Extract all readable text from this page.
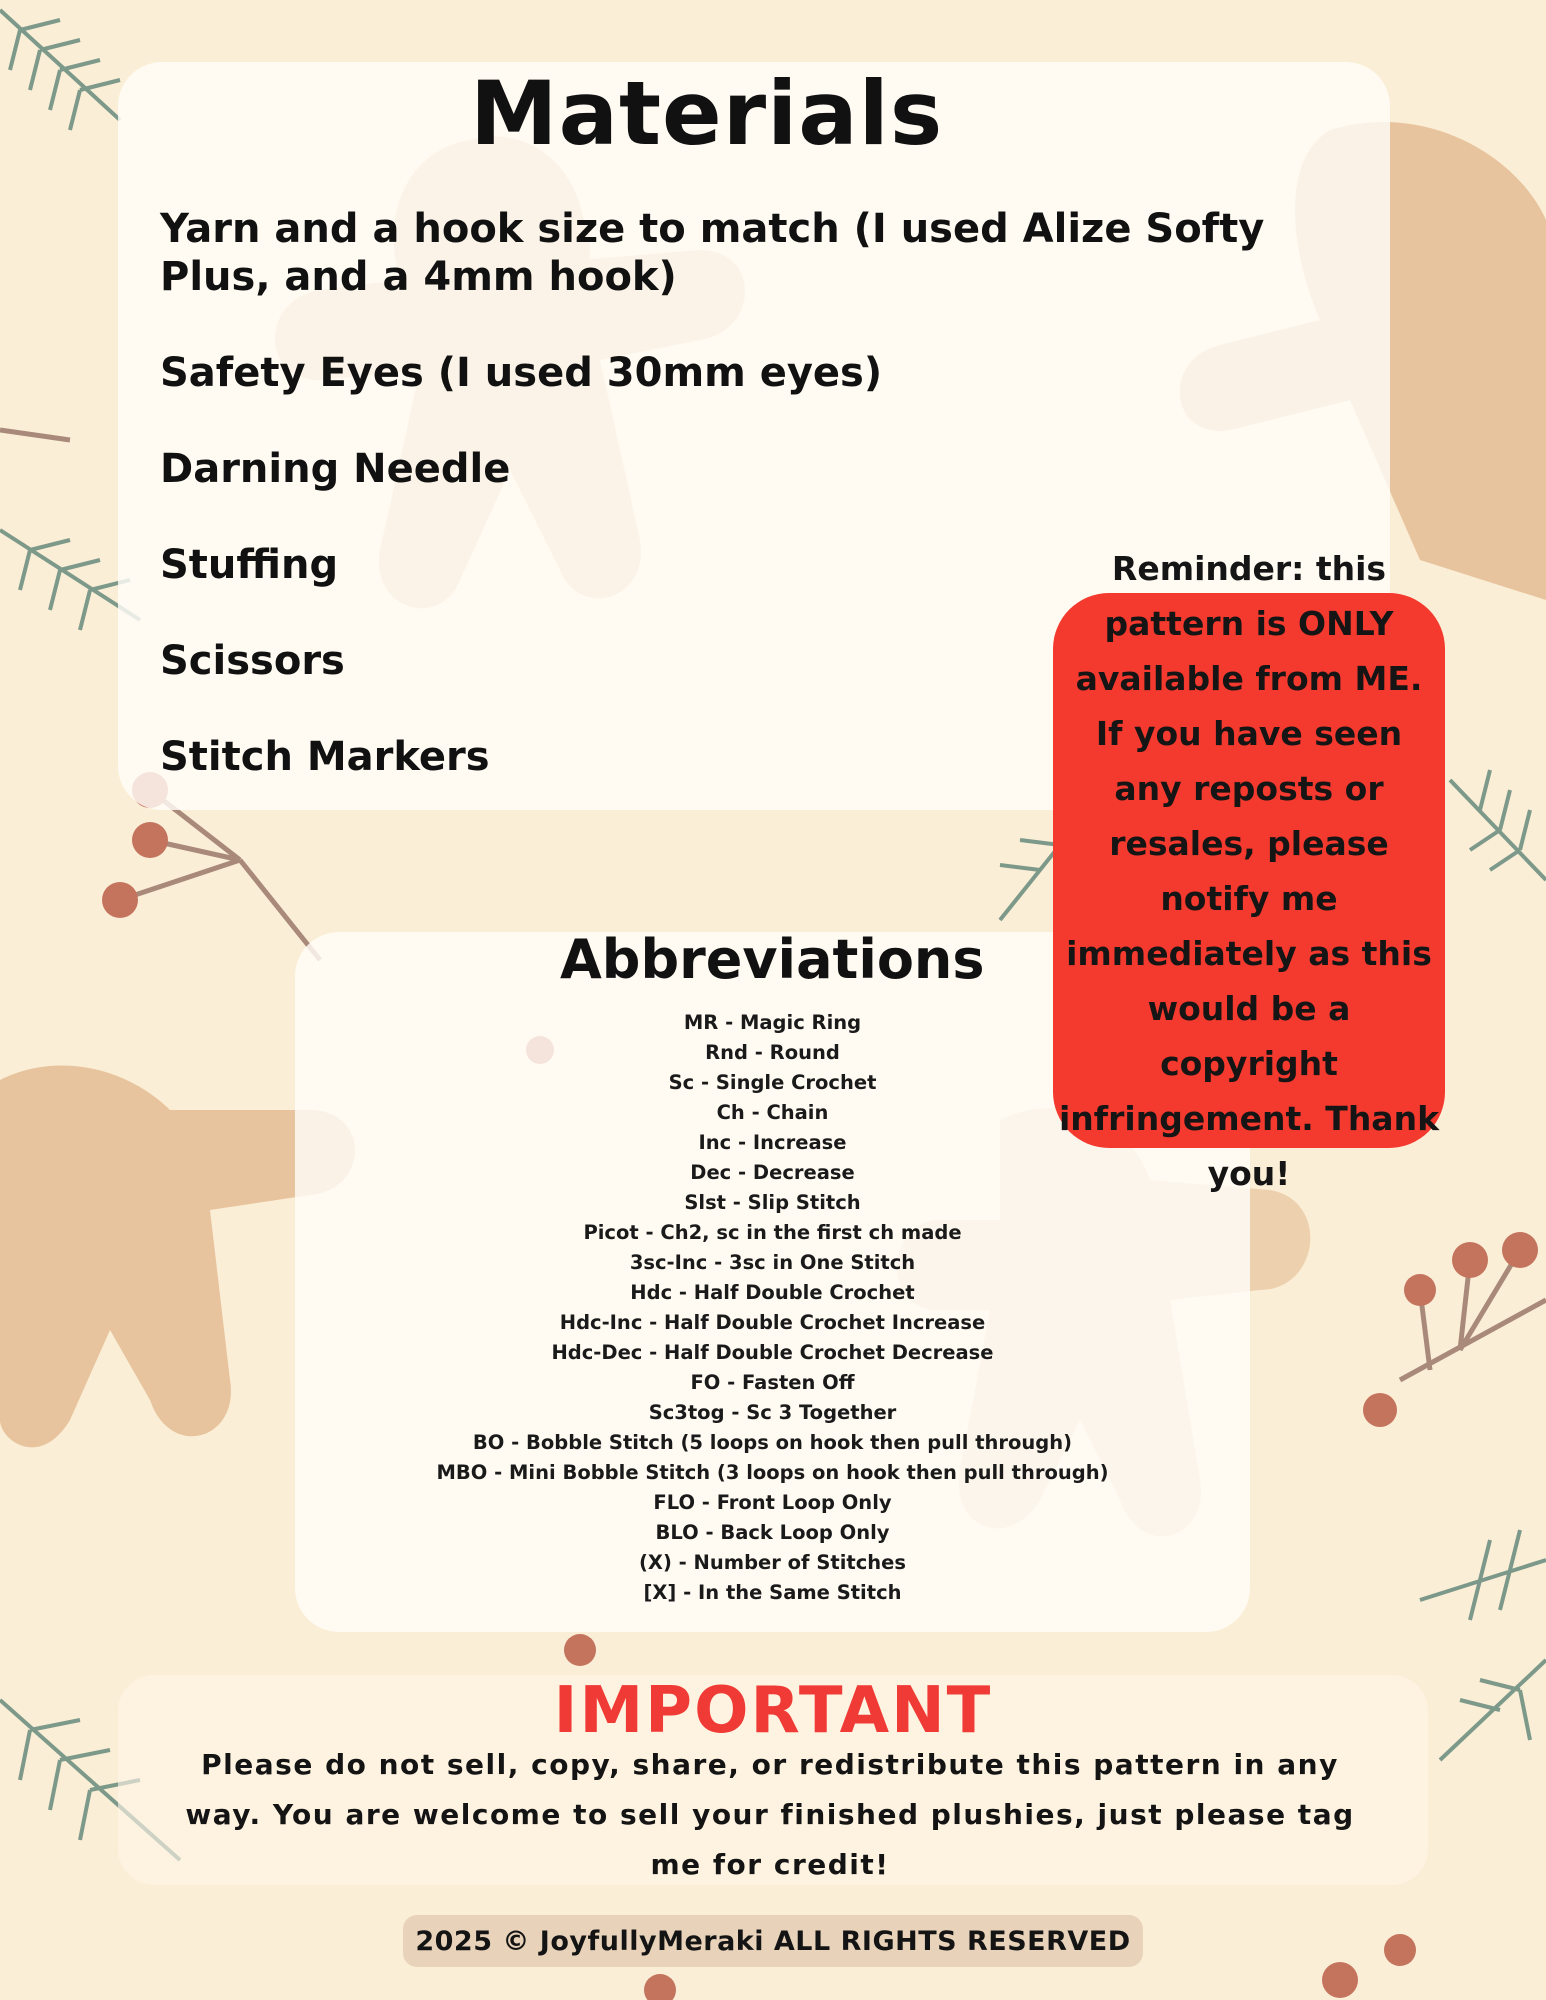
Materials
Yarn and a hook size to match (I used Alize Softy Plus, and a 4mm hook)
Safety Eyes (I used 30mm eyes)
Darning Needle
Stuffing
Scissors
Stitch Markers
Abbreviations
MR - Magic Ring
Rnd - Round
Sc - Single Crochet
Ch - Chain
Inc - Increase
Dec - Decrease
Slst - Slip Stitch
Picot - Ch2, sc in the first ch made
3sc-Inc - 3sc in One Stitch
Hdc - Half Double Crochet
Hdc-Inc - Half Double Crochet Increase
Hdc-Dec - Half Double Crochet Decrease
FO - Fasten Off
Sc3tog - Sc 3 Together
BO - Bobble Stitch (5 loops on hook then pull through)
MBO - Mini Bobble Stitch (3 loops on hook then pull through)
FLO - Front Loop Only
BLO - Back Loop Only
(X) - Number of Stitches
[X] - In the Same Stitch

Reminder: this pattern is ONLY available from ME. If you have seen any reposts or resales, please notify me immediately as this would be a copyright infringement. Thank you!

IMPORTANT

Please do not sell, copy, share, or redistribute this pattern in any way. You are welcome to sell your finished plushies, just please tag me for credit!

2025 © JoyfullyMeraki ALL RIGHTS RESERVED
